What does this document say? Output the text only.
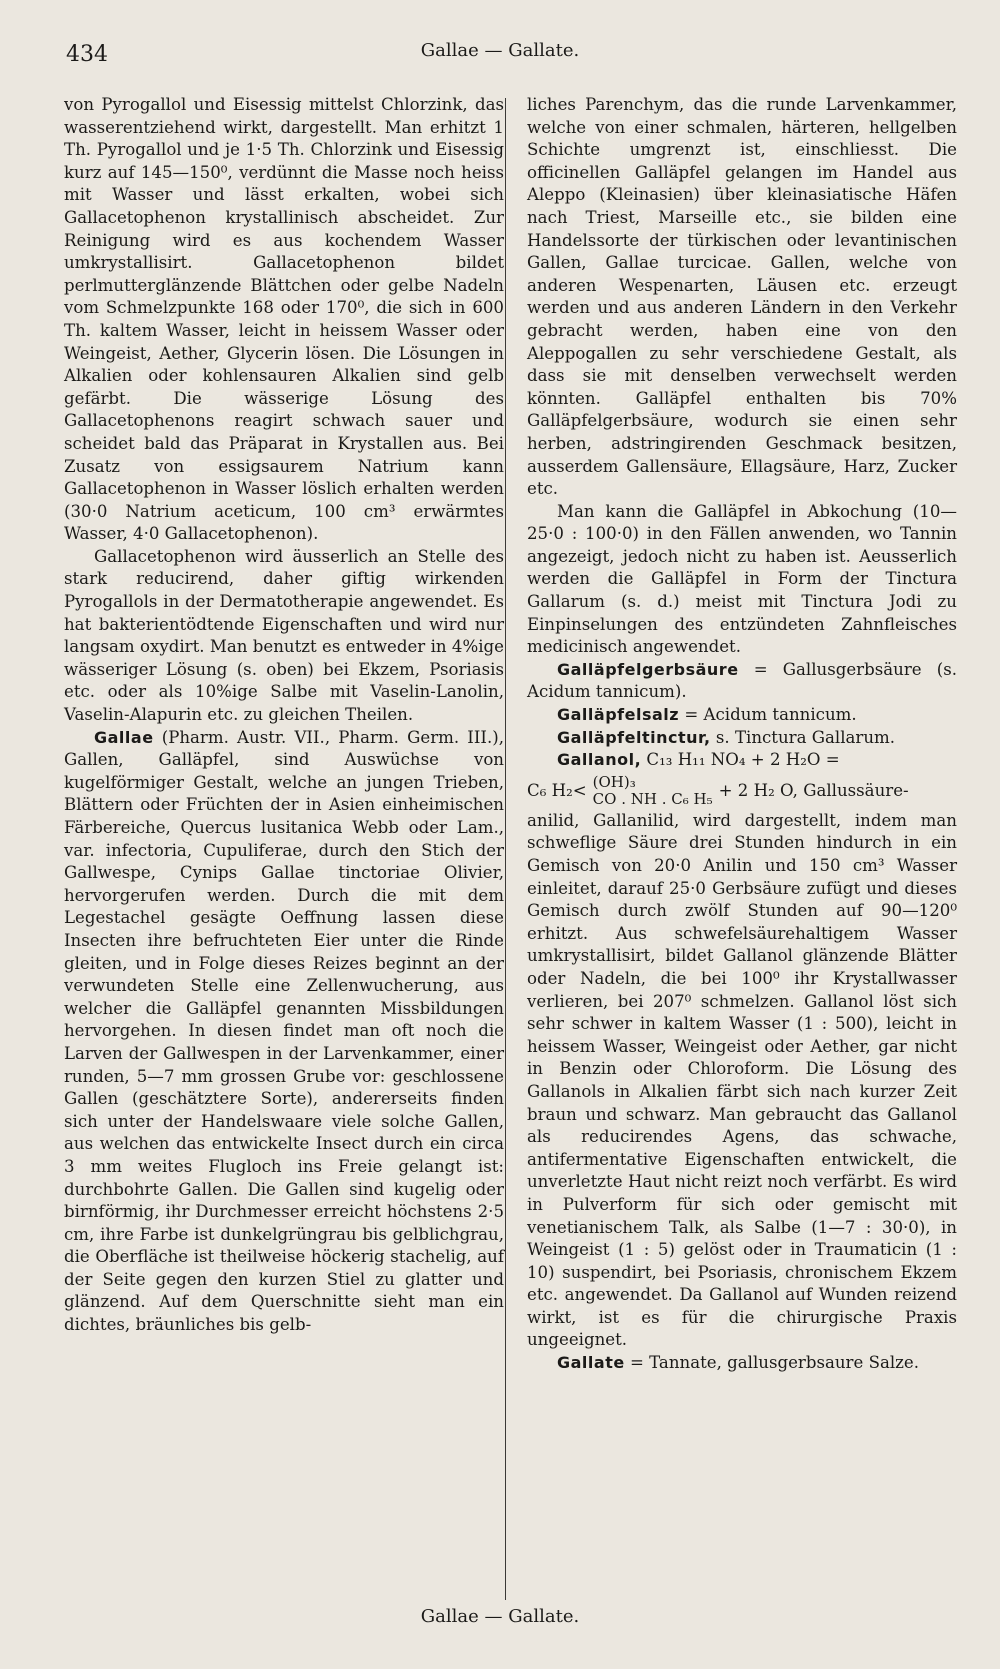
434	Gallae — Gallate.

von Pyrogallol und Eisessig mittelst Chlorzink, das wasserentziehend wirkt, dargestellt. Man erhitzt 1 Th. Pyrogallol und je 1·5 Th. Chlorzink und Eisessig kurz auf 145—150⁰, verdünnt die Masse noch heiss mit Wasser und lässt erkalten, wobei sich Gallacetophenon krystallinisch abscheidet. Zur Reinigung wird es aus kochendem Wasser umkrystallisirt. Gallacetophenon bildet perlmutterglänzende Blättchen oder gelbe Nadeln vom Schmelzpunkte 168 oder 170⁰, die sich in 600 Th. kaltem Wasser, leicht in heissem Wasser oder Weingeist, Aether, Glycerin lösen. Die Lösungen in Alkalien oder kohlensauren Alkalien sind gelb gefärbt. Die wässerige Lösung des Gallacetophenons reagirt schwach sauer und scheidet bald das Präparat in Krystallen aus. Bei Zusatz von essigsaurem Natrium kann Gallacetophenon in Wasser löslich erhalten werden (30·0 Natrium aceticum, 100 cm³ erwärmtes Wasser, 4·0 Gallacetophenon).

Gallacetophenon wird äusserlich an Stelle des stark reducirend, daher giftig wirkenden Pyrogallols in der Dermatotherapie angewendet. Es hat bakterientödtende Eigenschaften und wird nur langsam oxydirt. Man benutzt es entweder in 4%ige wässeriger Lösung (s. oben) bei Ekzem, Psoriasis etc. oder als 10%ige Salbe mit Vaselin-Lanolin, Vaselin-Alapurin etc. zu gleichen Theilen.

Gallae (Pharm. Austr. VII., Pharm. Germ. III.), Gallen, Galläpfel, sind Auswüchse von kugelförmiger Gestalt, welche an jungen Trieben, Blättern oder Früchten der in Asien einheimischen Färbereiche, Quercus lusitanica Webb oder Lam., var. infectoria, Cupuliferae, durch den Stich der Gallwespe, Cynips Gallae tinctoriae Olivier, hervorgerufen werden. Durch die mit dem Legestachel gesägte Oeffnung lassen diese Insecten ihre befruchteten Eier unter die Rinde gleiten, und in Folge dieses Reizes beginnt an der verwundeten Stelle eine Zellenwucherung, aus welcher die Galläpfel genannten Missbildungen hervorgehen. In diesen findet man oft noch die Larven der Gallwespen in der Larvenkammer, einer runden, 5—7 mm grossen Grube vor: geschlossene Gallen (geschätztere Sorte), andererseits finden sich unter der Handelswaare viele solche Gallen, aus welchen das entwickelte Insect durch ein circa 3 mm weites Flugloch ins Freie gelangt ist: durchbohrte Gallen. Die Gallen sind kugelig oder birnförmig, ihr Durchmesser erreicht höchstens 2·5 cm, ihre Farbe ist dunkelgrüngrau bis gelblichgrau, die Oberfläche ist theilweise höckerig stachelig, auf der Seite gegen den kurzen Stiel zu glatter und glänzend. Auf dem Querschnitte sieht man ein dichtes, bräunliches bis gelb-

liches Parenchym, das die runde Larvenkammer, welche von einer schmalen, härteren, hellgelben Schichte umgrenzt ist, einschliesst. Die officinellen Galläpfel gelangen im Handel aus Aleppo (Kleinasien) über kleinasiatische Häfen nach Triest, Marseille etc., sie bilden eine Handelssorte der türkischen oder levantinischen Gallen, Gallae turcicae. Gallen, welche von anderen Wespenarten, Läusen etc. erzeugt werden und aus anderen Ländern in den Verkehr gebracht werden, haben eine von den Aleppogallen zu sehr verschiedene Gestalt, als dass sie mit denselben verwechselt werden könnten. Galläpfel enthalten bis 70% Galläpfelgerbsäure, wodurch sie einen sehr herben, adstringirenden Geschmack besitzen, ausserdem Gallensäure, Ellagsäure, Harz, Zucker etc.

Man kann die Galläpfel in Abkochung (10—25·0 : 100·0) in den Fällen anwenden, wo Tannin angezeigt, jedoch nicht zu haben ist. Aeusserlich werden die Galläpfel in Form der Tinctura Gallarum (s. d.) meist mit Tinctura Jodi zu Einpinselungen des entzündeten Zahnfleisches medicinisch angewendet.

Galläpfelgerbsäure = Gallusgerbsäure (s. Acidum tannicum).

Galläpfelsalz = Acidum tannicum.

Galläpfeltinctur, s. Tinctura Gallarum.

Gallanol, C₁₃ H₁₁ NO₄ + 2 H₂O =

C₆ H₂< (OH)₃
CO . NH . C₆ H₅ + 2 H₂ O, Gallussäure-

anilid, Gallanilid, wird dargestellt, indem man schweflige Säure drei Stunden hindurch in ein Gemisch von 20·0 Anilin und 150 cm³ Wasser einleitet, darauf 25·0 Gerbsäure zufügt und dieses Gemisch durch zwölf Stunden auf 90—120⁰ erhitzt. Aus schwefelsäurehaltigem Wasser umkrystallisirt, bildet Gallanol glänzende Blätter oder Nadeln, die bei 100⁰ ihr Krystallwasser verlieren, bei 207⁰ schmelzen. Gallanol löst sich sehr schwer in kaltem Wasser (1 : 500), leicht in heissem Wasser, Weingeist oder Aether, gar nicht in Benzin oder Chloroform. Die Lösung des Gallanols in Alkalien färbt sich nach kurzer Zeit braun und schwarz. Man gebraucht das Gallanol als reducirendes Agens, das schwache, antifermentative Eigenschaften entwickelt, die unverletzte Haut nicht reizt noch verfärbt. Es wird in Pulverform für sich oder gemischt mit venetianischem Talk, als Salbe (1—7 : 30·0), in Weingeist (1 : 5) gelöst oder in Traumaticin (1 : 10) suspendirt, bei Psoriasis, chronischem Ekzem etc. angewendet. Da Gallanol auf Wunden reizend wirkt, ist es für die chirurgische Praxis ungeeignet.

Gallate = Tannate, gallusgerbsaure Salze.

Gallae — Gallate.
